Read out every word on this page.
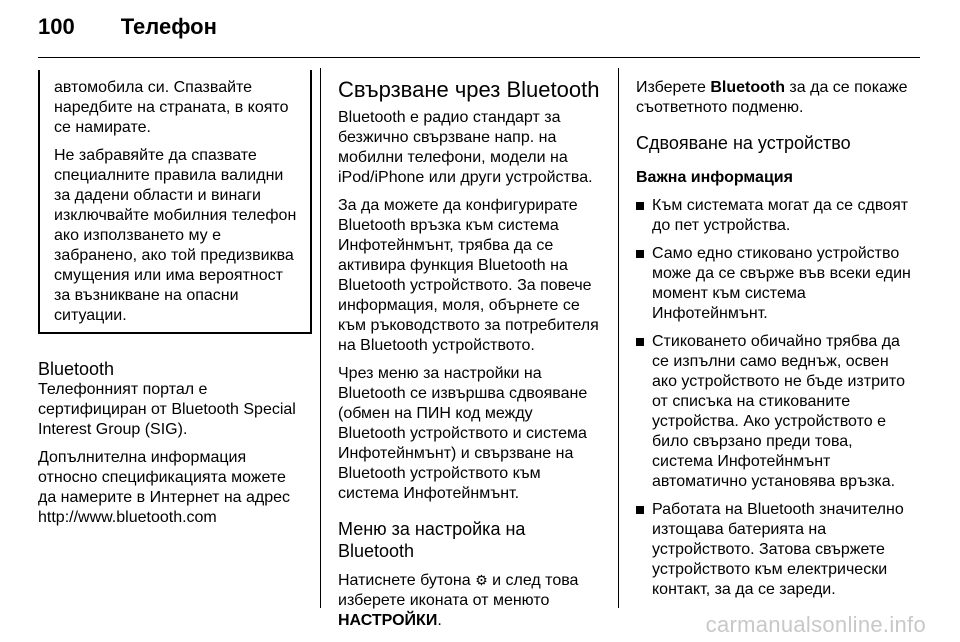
100 Телефон

автомобила си. Спазвайте наредбите на страната, в която се намирате.

Не забравяйте да спазвате специалните правила валидни за дадени области и винаги изключвайте мобилния телефон ако използването му е забранено, ако той предизвиква смущения или има вероятност за възникване на опасни ситуации.

Bluetooth

Телефонният портал е сертифициран от Bluetooth Special Interest Group (SIG).

Допълнителна информация относно спецификацията можете да намерите в Интернет на адрес http://www.bluetooth.com

Свързване чрез Bluetooth

Bluetooth е радио стандарт за безжично свързване напр. на мобилни телефони, модели на iPod/iPhone или други устройства.

За да можете да конфигурирате Bluetooth връзка към система Инфотейнмънт, трябва да се активира функция Bluetooth на Bluetooth устройството. За повече информация, моля, обърнете се към ръководството за потребителя на Bluetooth устройството.

Чрез меню за настройки на Bluetooth се извършва сдвояване (обмен на ПИН код между Bluetooth устройството и система Инфотейнмънт) и свързване на Bluetooth устройството към система Инфотейнмънт.

Меню за настройка на Bluetooth

Натиснете бутона ⚙ и след това изберете иконата от менюто НАСТРОЙКИ.

Изберете Bluetooth за да се покаже съответното подменю.

Сдвояване на устройство

Важна информация

Към системата могат да се сдвоят до пет устройства.
Само едно стиковано устройство може да се свърже във всеки един момент към система Инфотейнмънт.
Стиковането обичайно трябва да се изпълни само веднъж, освен ако устройството не бъде изтрито от списъка на стикованите устройства. Ако устройството е било свързано преди това, система Инфотейнмънт автоматично установява връзка.
Работата на Bluetooth значително изтощава батерията на устройството. Затова свържете устройството към електрически контакт, за да се зареди.
carmanualsonline.info
